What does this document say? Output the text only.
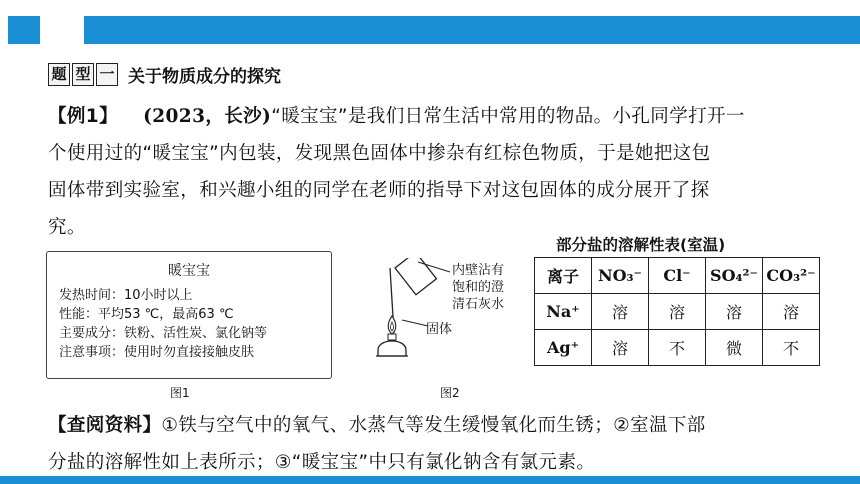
题 型 一 关于物质成分的探究
【例1】 (2023，长沙)“暖宝宝”是我们日常生活中常用的物品。小孔同学打开一
个使用过的“暖宝宝”内包装，发现黑色固体中掺杂有红棕色物质，于是她把这包
固体带到实验室，和兴趣小组的同学在老师的指导下对这包固体的成分展开了探
究。
暖宝宝
发热时间：10小时以上
性能：平均53 ℃，最高63 ℃
主要成分：铁粉、活性炭、氯化钠等
注意事项：使用时勿直接接触皮肤
图1
内壁沾有
饱和的澄
清石灰水
固体
图2
部分盐的溶解性表(室温)
离子	NO₃⁻	Cl⁻	SO₄²⁻	CO₃²⁻
Na⁺	溶	溶	溶	溶
Ag⁺	溶	不	微	不
【查阅资料】①铁与空气中的氧气、水蒸气等发生缓慢氧化而生锈；②室温下部
分盐的溶解性如上表所示；③“暖宝宝”中只有氯化钠含有氯元素。
